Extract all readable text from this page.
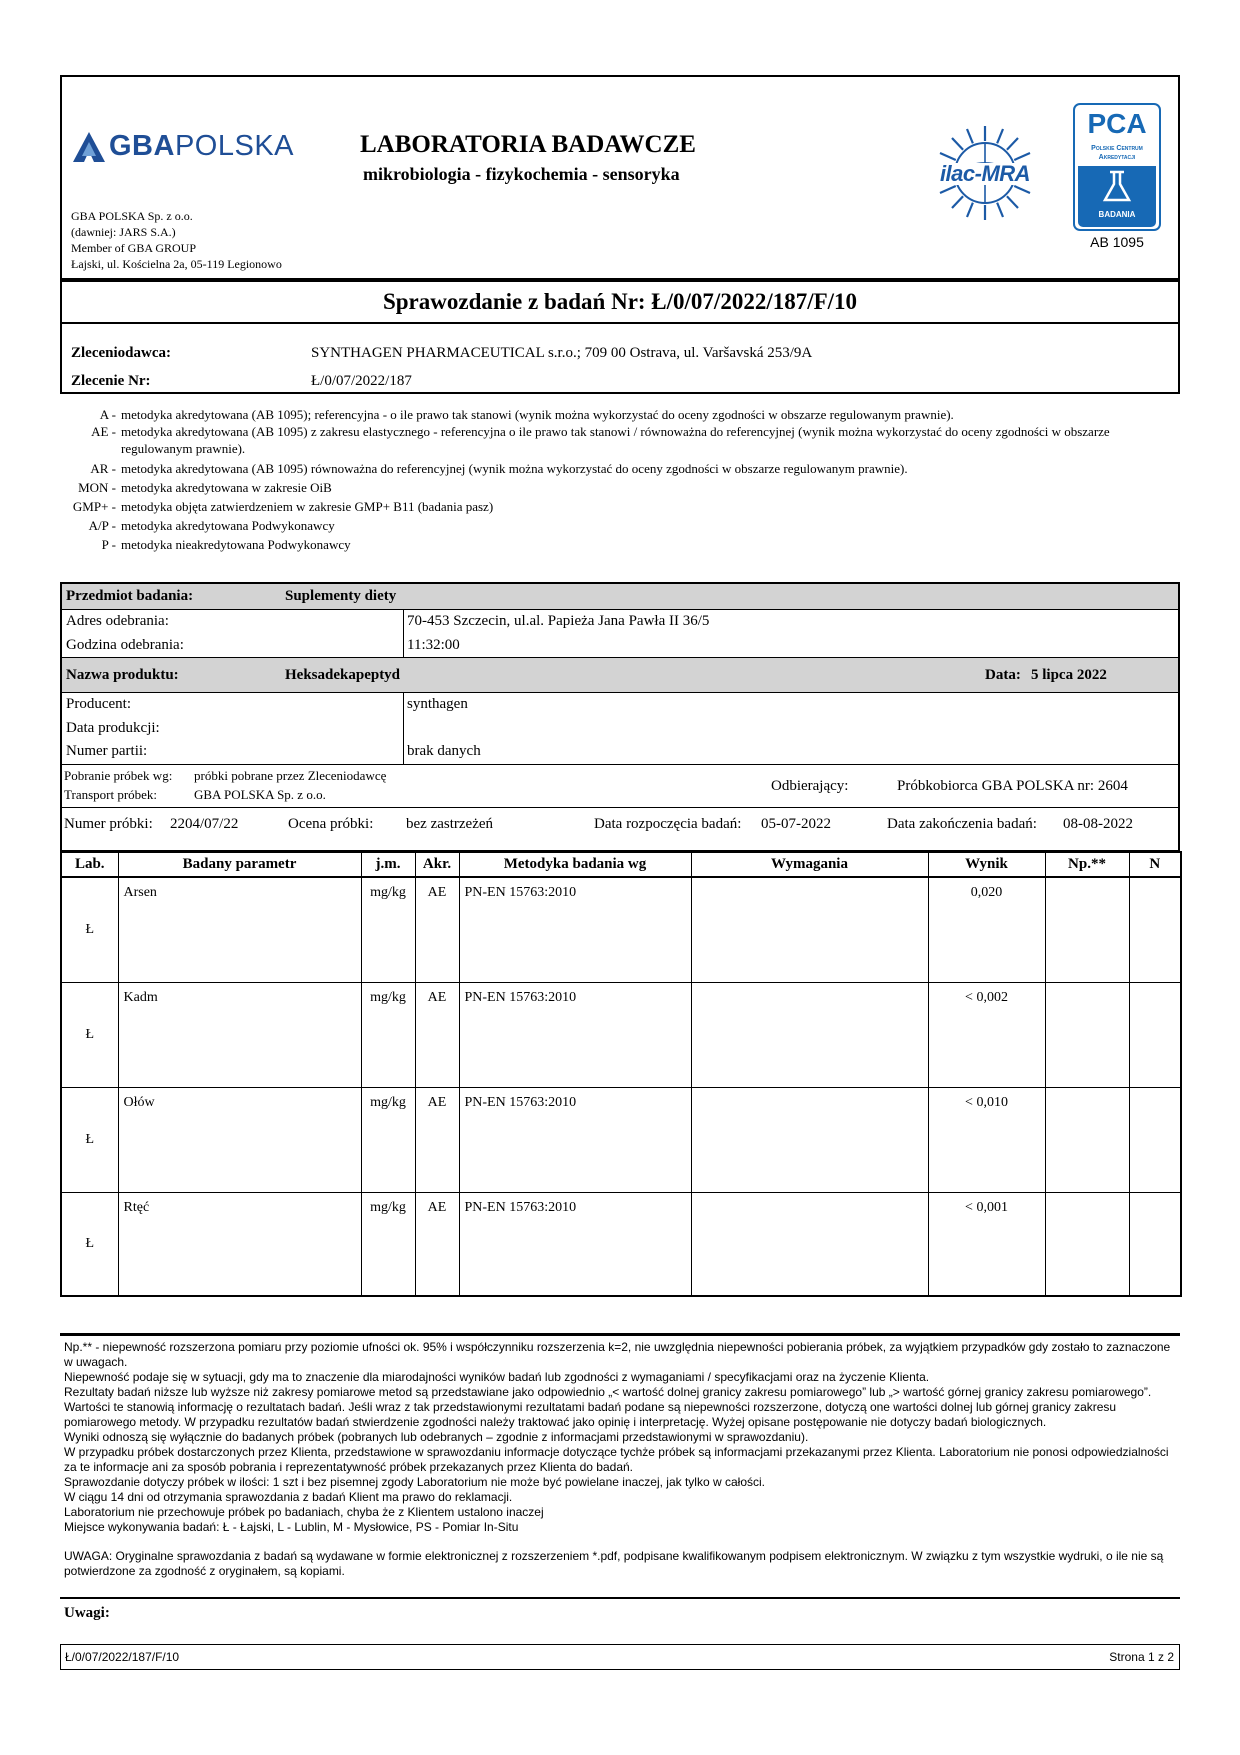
GBAPOLSKA
GBA POLSKA Sp. z o.o.
(dawniej: JARS S.A.)
Member of GBA GROUP
Łajski, ul. Kościelna 2a, 05-119 Legionowo
LABORATORIA BADAWCZE
mikrobiologia - fizykochemia - sensoryka	ilac-MRA
PCA
Polskie Centrum
Akredytacji
BADANIA
AB 1095
Sprawozdanie z badań Nr: Ł/0/07/2022/187/F/10
Zleceniodawca:	SYNTHAGEN PHARMACEUTICAL s.r.o.; 709 00 Ostrava, ul. Varšavská 253/9A
Zlecenie Nr:	Ł/0/07/2022/187
A - metodyka akredytowana (AB 1095); referencyjna - o ile prawo tak stanowi (wynik można wykorzystać do oceny zgodności w obszarze regulowanym prawnie).
AE - metodyka akredytowana (AB 1095) z zakresu elastycznego - referencyjna o ile prawo tak stanowi / równoważna do referencyjnej (wynik można wykorzystać do oceny zgodności w obszarze regulowanym prawnie).
AR - metodyka akredytowana (AB 1095) równoważna do referencyjnej (wynik można wykorzystać do oceny zgodności w obszarze regulowanym prawnie).
MON - metodyka akredytowana w zakresie OiB
GMP+ - metodyka objęta zatwierdzeniem w zakresie GMP+ B11 (badania pasz)
A/P - metodyka akredytowana Podwykonawcy
P - metodyka nieakredytowana Podwykonawcy
Przedmiot badania:	Suplementy diety
Adres odebrania:	70-453 Szczecin, ul.al. Papieża Jana Pawła II 36/5
Godzina odebrania:	11:32:00
Nazwa produktu:	Heksadekapeptyd	Data: 5 lipca 2022
Producent:	synthagen
Data produkcji:
Numer partii:	brak danych
Pobranie próbek wg: próbki pobrane przez Zleceniodawcę
Transport próbek:	GBA POLSKA Sp. z o.o.
Odbierający:	Próbkobiorca GBA POLSKA nr: 2604
Numer próbki: 2204/07/22	Ocena próbki: bez zastrzeżeń	Data rozpoczęcia badań: 05-07-2022	Data zakończenia badań: 08-08-2022
Lab.	Badany parametr	j.m.	Akr.	Metodyka badania wg	Wymagania	Wynik	Np.**	N
Ł	Arsen	mg/kg	AE	PN-EN 15763:2010		0,020		
Ł	Kadm	mg/kg	AE	PN-EN 15763:2010		< 0,002		
Ł	Ołów	mg/kg	AE	PN-EN 15763:2010		< 0,010		
Ł	Rtęć	mg/kg	AE	PN-EN 15763:2010		< 0,001		
Np.** - niepewność rozszerzona pomiaru przy poziomie ufności ok. 95% i współczynniku rozszerzenia k=2, nie uwzględnia niepewności pobierania próbek, za wyjątkiem przypadków gdy zostało to zaznaczone w uwagach.
Niepewność podaje się w sytuacji, gdy ma to znaczenie dla miarodajności wyników badań lub zgodności z wymaganiami / specyfikacjami oraz na życzenie Klienta.
Rezultaty badań niższe lub wyższe niż zakresy pomiarowe metod są przedstawiane jako odpowiednio „< wartość dolnej granicy zakresu pomiarowego” lub „> wartość górnej granicy zakresu pomiarowego”. Wartości te stanowią informację o rezultatach badań. Jeśli wraz z tak przedstawionymi rezultatami badań podane są niepewności rozszerzone, dotyczą one wartości dolnej lub górnej granicy zakresu pomiarowego metody. W przypadku rezultatów badań stwierdzenie zgodności należy traktować jako opinię i interpretację. Wyżej opisane postępowanie nie dotyczy badań biologicznych.
Wyniki odnoszą się wyłącznie do badanych próbek (pobranych lub odebranych – zgodnie z informacjami przedstawionymi w sprawozdaniu).
W przypadku próbek dostarczonych przez Klienta, przedstawione w sprawozdaniu informacje dotyczące tychże próbek są informacjami przekazanymi przez Klienta. Laboratorium nie ponosi odpowiedzialności za te informacje ani za sposób pobrania i reprezentatywność próbek przekazanych przez Klienta do badań.
Sprawozdanie dotyczy próbek w ilości: 1 szt i bez pisemnej zgody Laboratorium nie może być powielane inaczej, jak tylko w całości.
W ciągu 14 dni od otrzymania sprawozdania z badań Klient ma prawo do reklamacji.
Laboratorium nie przechowuje próbek po badaniach, chyba że z Klientem ustalono inaczej
Miejsce wykonywania badań: Ł - Łajski, L - Lublin, M - Mysłowice, PS - Pomiar In-Situ
UWAGA: Oryginalne sprawozdania z badań są wydawane w formie elektronicznej z rozszerzeniem *.pdf, podpisane kwalifikowanym podpisem elektronicznym. W związku z tym wszystkie wydruki, o ile nie są potwierdzone za zgodność z oryginałem, są kopiami.
Uwagi:
Ł/0/07/2022/187/F/10	Strona 1 z 2
